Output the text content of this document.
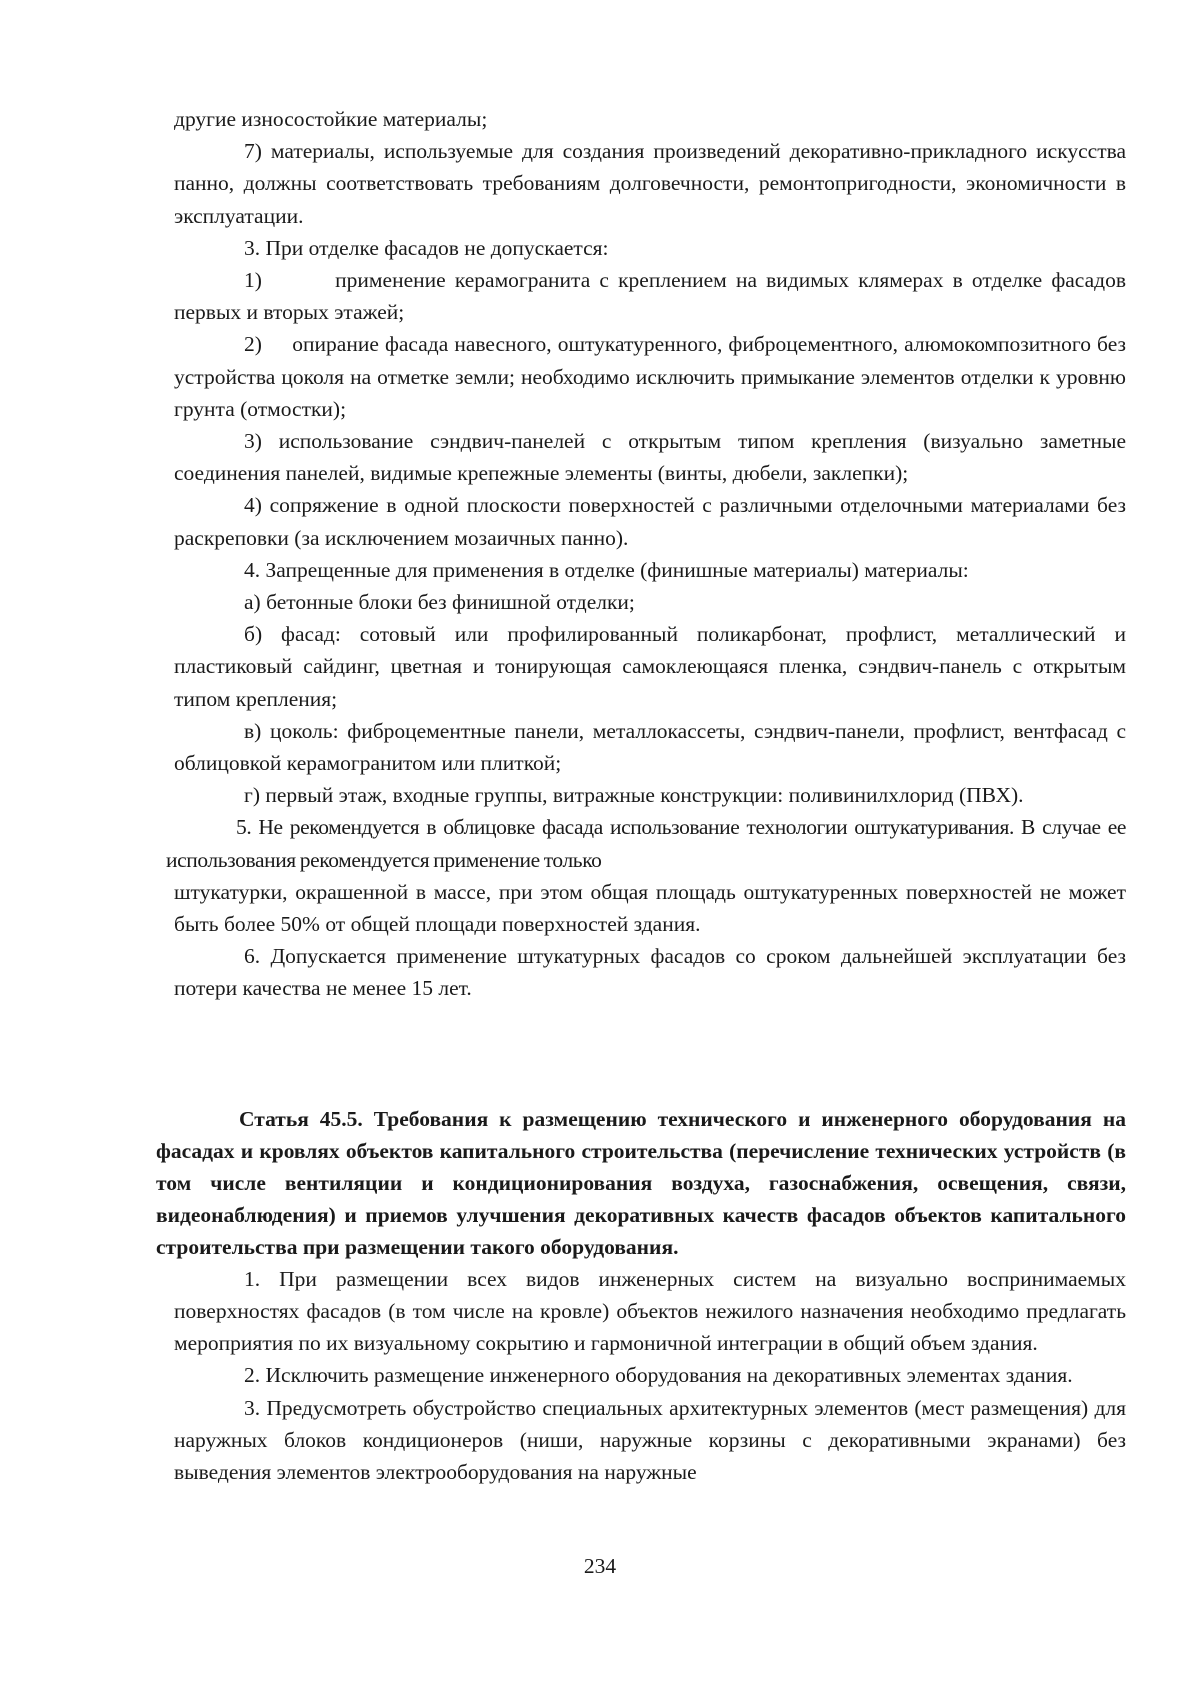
другие износостойкие материалы;

7) материалы, используемые для создания произведений декоративно-прикладного искусства панно, должны соответствовать требованиям долговечности, ремонтопригодности, экономичности в эксплуатации.

3. При отделке фасадов не допускается:

1)        применение керамогранита с креплением на видимых клямерах в отделке фасадов первых и вторых этажей;

2)     опирание фасада навесного, оштукатуренного, фиброцементного, алюмокомпозитного без устройства цоколя на отметке земли; необходимо исключить примыкание элементов отделки к уровню грунта (отмостки);

3) использование сэндвич-панелей с открытым типом крепления (визуально заметные соединения панелей, видимые крепежные элементы (винты, дюбели, заклепки);

4) сопряжение в одной плоскости поверхностей с различными отделочными материалами без раскреповки (за исключением мозаичных панно).

4. Запрещенные для применения в отделке (финишные материалы) материалы:

а) бетонные блоки без финишной отделки;

б) фасад: сотовый или профилированный поликарбонат, профлист, металлический и пластиковый сайдинг, цветная и тонирующая самоклеющаяся пленка, сэндвич-панель с открытым типом крепления;

в) цоколь: фиброцементные панели, металлокассеты, сэндвич-панели, профлист, вентфасад с облицовкой керамогранитом или плиткой;

г) первый этаж, входные группы, витражные конструкции: поливинилхлорид (ПВХ).

5. Не рекомендуется в облицовке фасада использование технологии оштукатуривания. В случае ее использования рекомендуется применение только

штукатурки, окрашенной в массе, при этом общая площадь оштукатуренных поверхностей не может быть более 50% от общей площади поверхностей здания.

6. Допускается применение штукатурных фасадов со сроком дальнейшей эксплуатации без потери качества не менее 15 лет.

Статья 45.5. Требования к размещению технического и инженерного оборудования на фасадах и кровлях объектов капитального строительства (перечисление технических устройств (в том числе вентиляции и кондиционирования воздуха, газоснабжения, освещения, связи, видеонаблюдения) и приемов улучшения декоративных качеств фасадов объектов капитального строительства при размещении такого оборудования.

1. При размещении всех видов инженерных систем на визуально воспринимаемых поверхностях фасадов (в том числе на кровле) объектов нежилого назначения необходимо предлагать мероприятия по их визуальному сокрытию и гармоничной интеграции в общий объем здания.

2. Исключить размещение инженерного оборудования на декоративных элементах здания.

3. Предусмотреть обустройство специальных архитектурных элементов (мест размещения) для наружных блоков кондиционеров (ниши, наружные корзины с декоративными экранами) без выведения элементов электрооборудования на наружные

234
